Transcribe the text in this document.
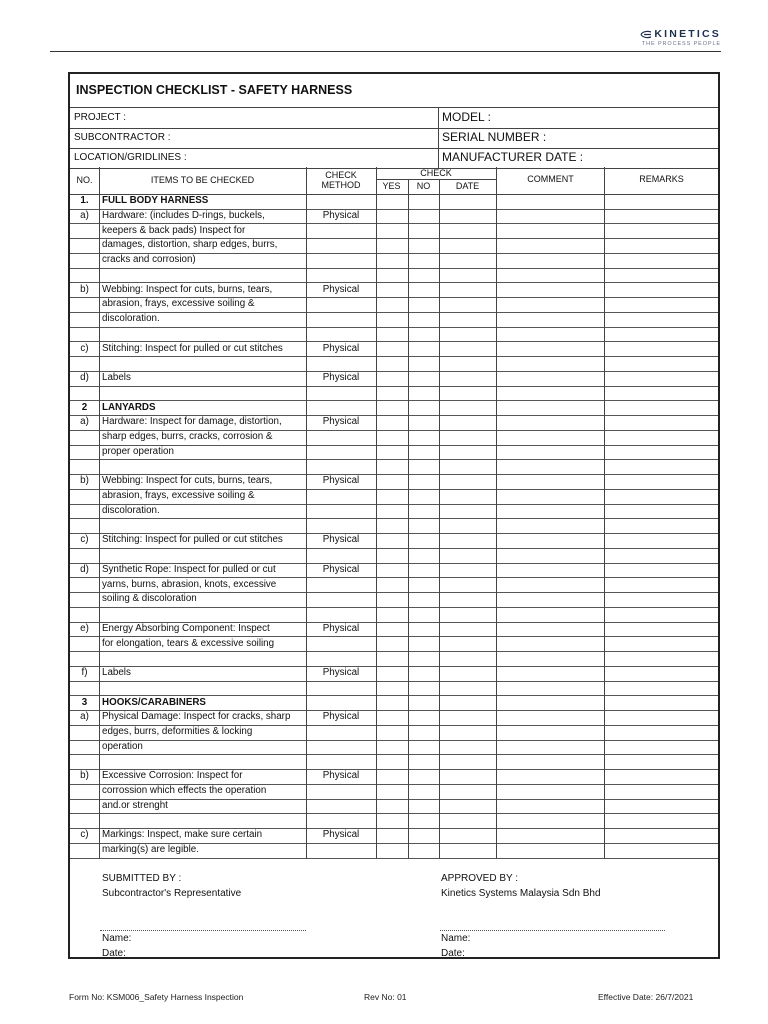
KINETICS
THE PROCESS PEOPLE
INSPECTION CHECKLIST - SAFETY HARNESS
PROJECT :	MODEL :
SUBCONTRACTOR :	SERIAL NUMBER :
LOCATION/GRIDLINES :	MANUFACTURER DATE :
NO.	ITEMS TO BE CHECKED	CHECK METHOD
CHECK
YES	NO	DATE
COMMENT	REMARKS
1.	FULL BODY HARNESS
a)	Hardware: (includes D-rings, buckels,	Physical
keepers & back pads) Inspect for
damages, distortion, sharp edges, burrs,
cracks and corrosion)
b)	Webbing: Inspect for cuts, burns, tears,	Physical
abrasion, frays, excessive soiling &
discoloration.
c)	Stitching: Inspect for pulled or cut stitches	Physical
d)	Labels	Physical
2	LANYARDS
a)	Hardware: Inspect for damage, distortion,	Physical
sharp edges, burrs, cracks, corrosion &
proper operation
b)	Webbing: Inspect for cuts, burns, tears,	Physical
abrasion, frays, excessive soiling &
discoloration.
c)	Stitching: Inspect for pulled or cut stitches	Physical
d)	Synthetic Rope: Inspect for pulled or cut	Physical
yarns, burns, abrasion, knots, excessive
soiling & discoloration
e)	Energy Absorbing Component: Inspect	Physical
for elongation, tears & excessive soiling
f)	Labels	Physical
3	HOOKS/CARABINERS
a)	Physical Damage: Inspect for cracks, sharp	Physical
edges, burrs, deformities & locking
operation
b)	Excessive Corrosion: Inspect for	Physical
corrossion which effects the operation
and.or strenght
c)	Markings: Inspect, make sure certain	Physical
marking(s) are legible.
SUBMITTED BY :
Subcontractor's Representative
APPROVED BY :
Kinetics Systems Malaysia Sdn Bhd
Name:
Date:
Name:
Date:
Form No: KSM006_Safety Harness Inspection	Rev No: 01	Effective Date: 26/7/2021
